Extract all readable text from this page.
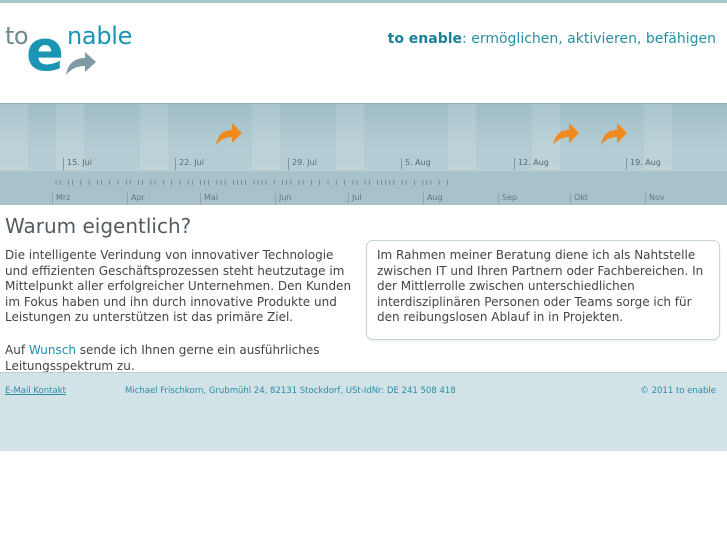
to
e nable	to enable: ermöglichen, aktivieren, befähigen
15. Jul	22. Jul	29. Jul	5. Aug	12. Aug	19. Aug
II II I I II I I II II II I I I II III III IIII IIII I III II I I I I I II II IIIII II I III I I
Mrz	Apr	Mai	Jun	Jul	Aug	Sep	Okt	Nov
Warum eigentlich?

Die intelligente Verindung von innovativer Technologie und effizienten Geschäftsprozessen steht heutzutage im Mittelpunkt aller erfolgreicher Unternehmen. Den Kunden im Fokus haben und ihn durch innovative Produkte und Leistungen zu unterstützen ist das primäre Ziel.

Auf Wunsch sende ich Ihnen gerne ein ausführliches Leitungsspektrum zu.

Im Rahmen meiner Beratung diene ich als Nahtstelle zwischen IT und Ihren Partnern oder Fachbereichen. In der Mittlerrolle zwischen unterschiedlichen interdisziplinären Personen oder Teams sorge ich für den reibungslosen Ablauf in in Projekten.
E-Mail Kontakt	Michael Frischkorn, Grubmühl 24, 82131 Stockdorf, USt-IdNr: DE 241 508 418	© 2011 to enable
